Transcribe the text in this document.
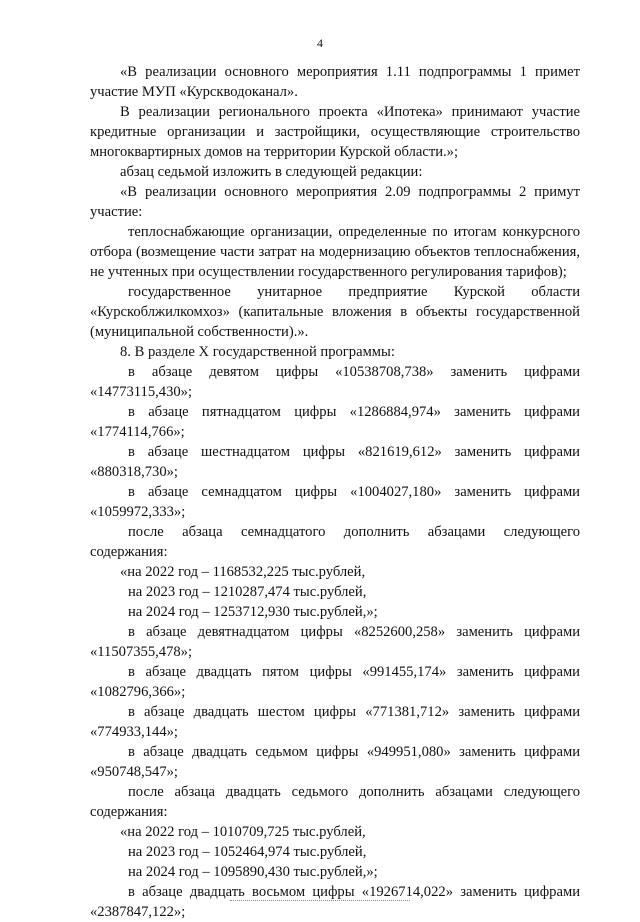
4

«В реализации основного мероприятия 1.11 подпрограммы 1 примет участие МУП «Курскводоканал».

В реализации регионального проекта «Ипотека» принимают участие кредитные организации и застройщики, осуществляющие строительство многоквартирных домов на территории Курской области.»;

абзац седьмой изложить в следующей редакции:

«В реализации основного мероприятия 2.09 подпрограммы 2 примут участие:

теплоснабжающие организации, определенные по итогам конкурсного отбора (возмещение части затрат на модернизацию объектов теплоснабжения, не учтенных при осуществлении государственного регулирования тарифов);

государственное унитарное предприятие Курской области «Курскоблжилкомхоз» (капитальные вложения в объекты государственной (муниципальной собственности).».

8. В разделе X государственной программы:

в абзаце девятом цифры «10538708,738» заменить цифрами «14773115,430»;

в абзаце пятнадцатом цифры «1286884,974» заменить цифрами «1774114,766»;

в абзаце шестнадцатом цифры «821619,612» заменить цифрами «880318,730»;

в абзаце семнадцатом цифры «1004027,180» заменить цифрами «1059972,333»;

после абзаца семнадцатого дополнить абзацами следующего содержания:

«на 2022 год – 1168532,225 тыс.рублей,

на 2023 год – 1210287,474 тыс.рублей,

на 2024 год – 1253712,930 тыс.рублей,»;

в абзаце девятнадцатом цифры «8252600,258» заменить цифрами «11507355,478»;

в абзаце двадцать пятом цифры «991455,174» заменить цифрами «1082796,366»;

в абзаце двадцать шестом цифры «771381,712» заменить цифрами «774933,144»;

в абзаце двадцать седьмом цифры «949951,080» заменить цифрами «950748,547»;

после абзаца двадцать седьмого дополнить абзацами следующего содержания:

«на 2022 год – 1010709,725 тыс.рублей,

на 2023 год – 1052464,974 тыс.рублей,

на 2024 год – 1095890,430 тыс.рублей,»;

в абзаце двадцать восьмом цифры «1926714,022» заменить цифрами «2387847,122»;
